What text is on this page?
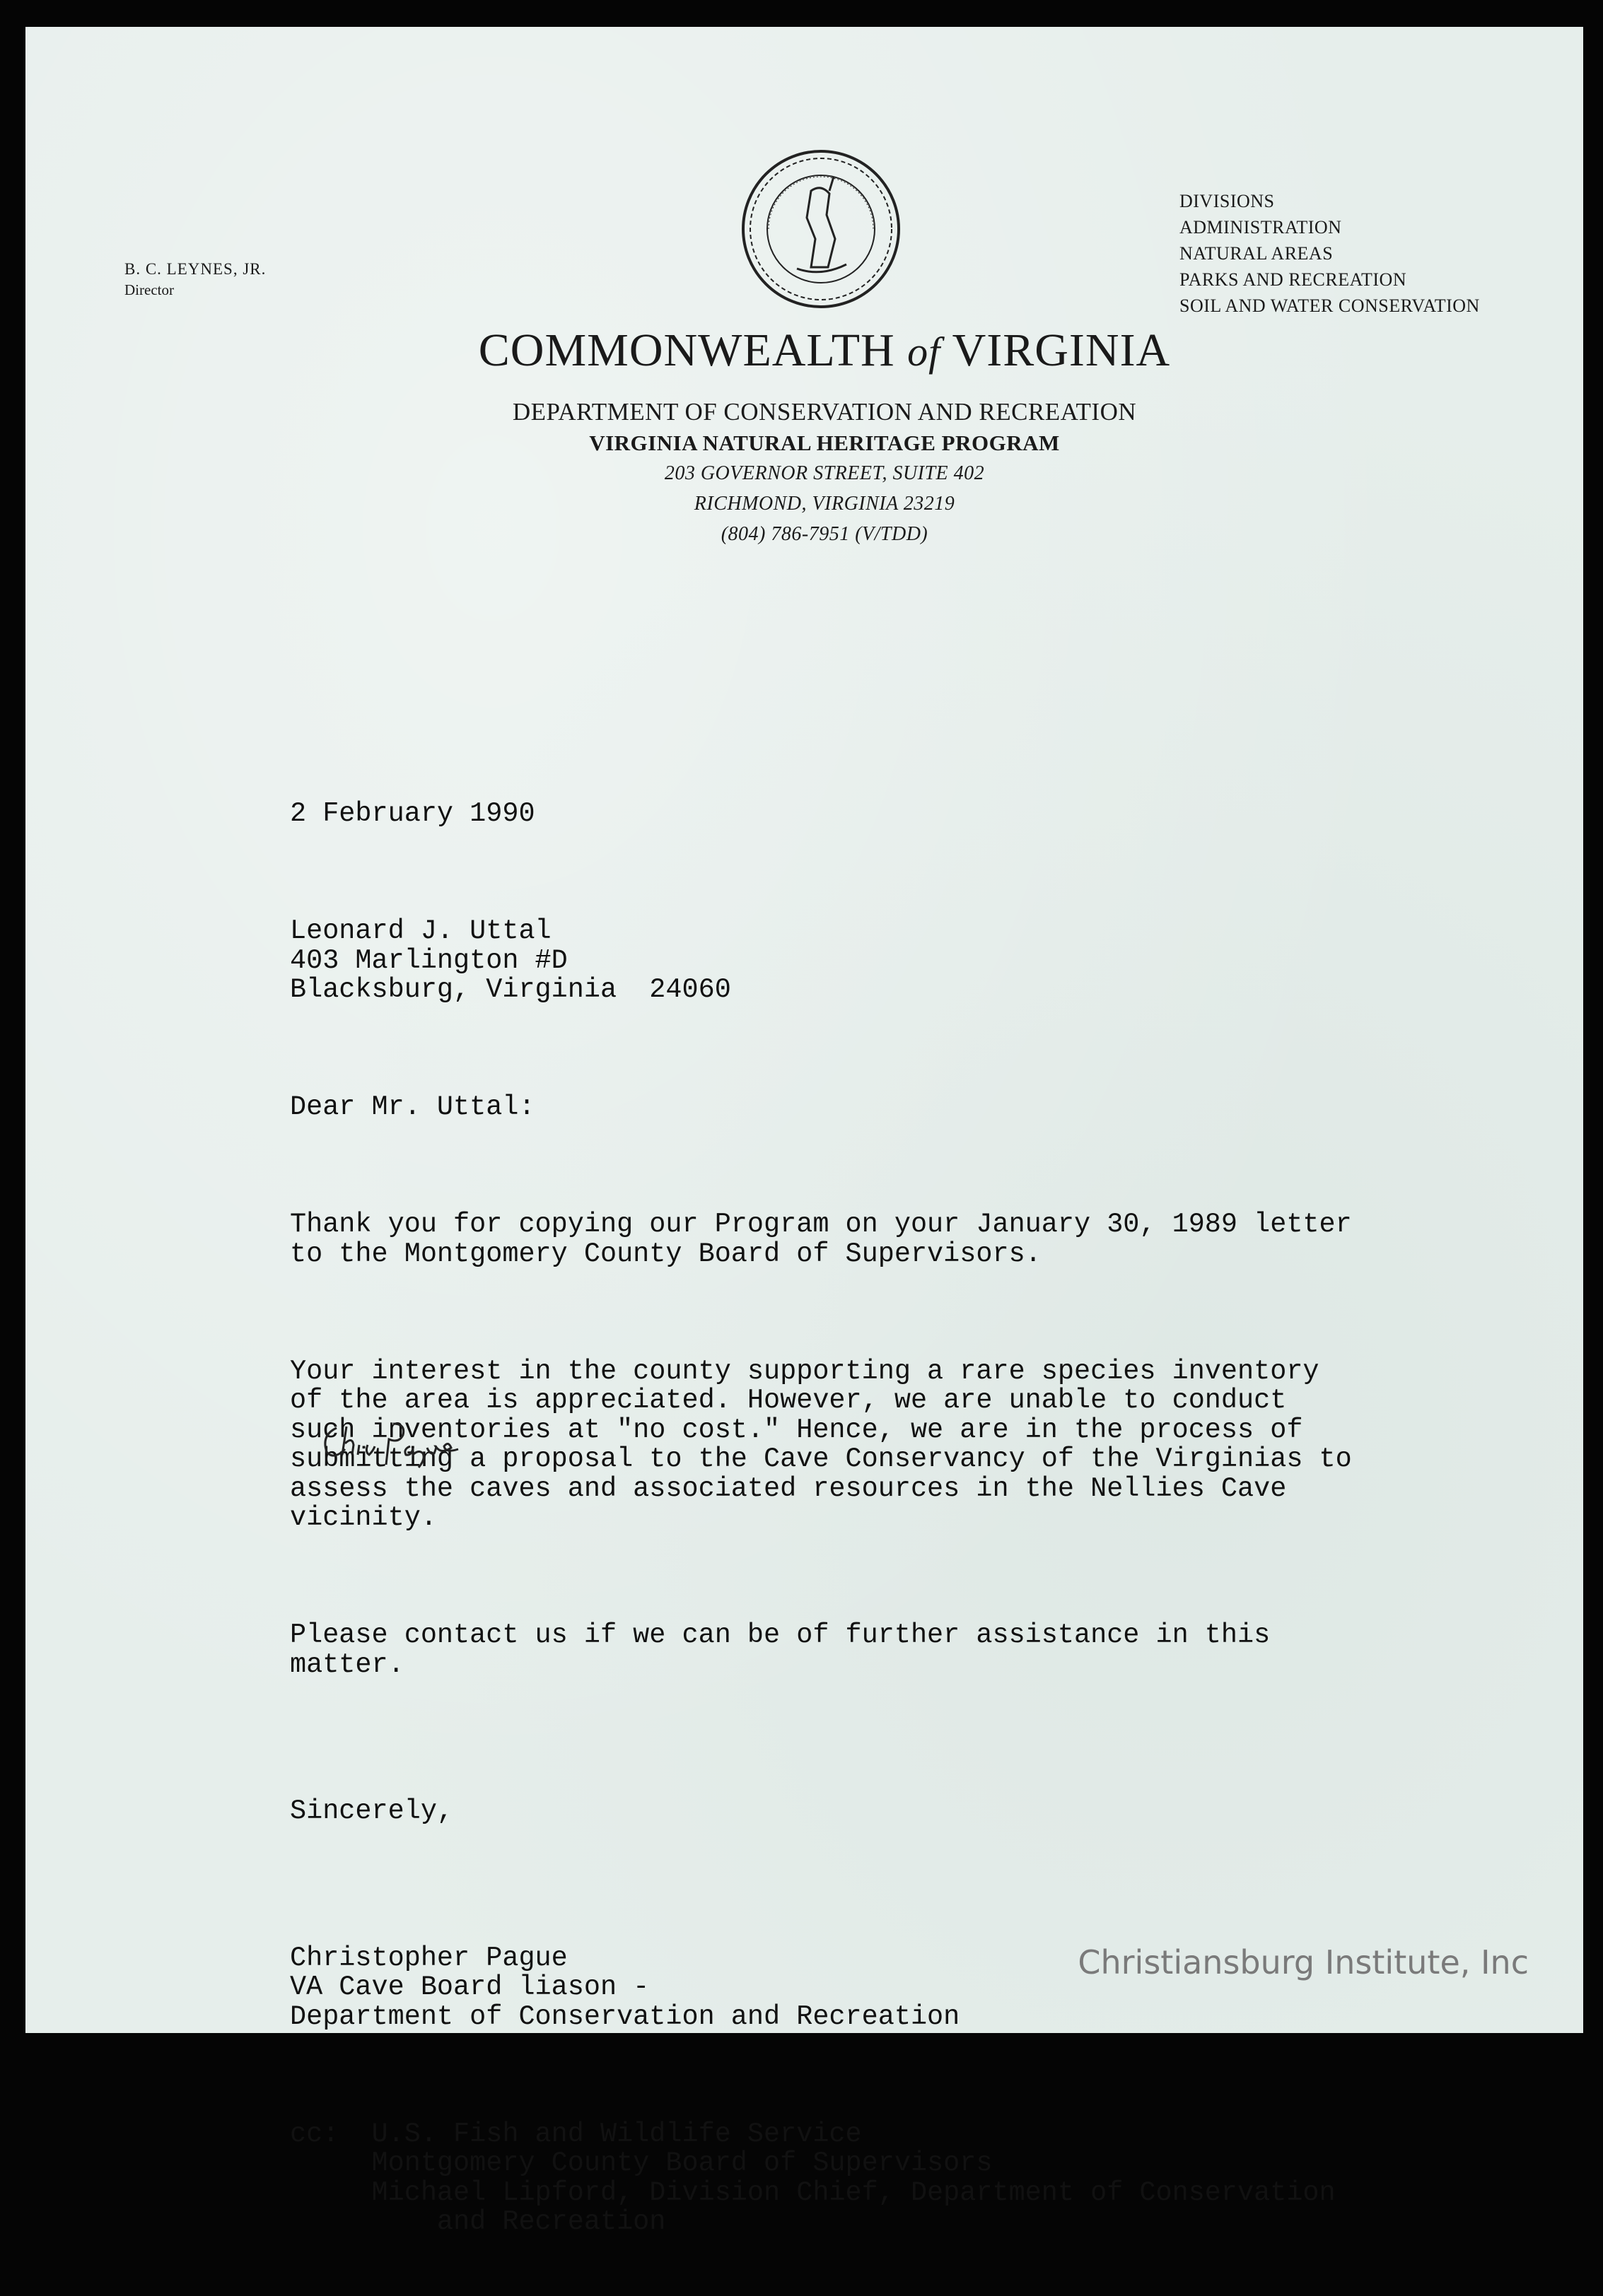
B. C. LEYNES, JR.
Director
DIVISIONS
ADMINISTRATION
NATURAL AREAS
PARKS AND RECREATION
SOIL AND WATER CONSERVATION
COMMONWEALTH of VIRGINIA
DEPARTMENT OF CONSERVATION AND RECREATION
VIRGINIA NATURAL HERITAGE PROGRAM
203 GOVERNOR STREET, SUITE 402
RICHMOND, VIRGINIA 23219
(804) 786-7951 (V/TDD)

2 February 1990

Leonard J. Uttal
403 Marlington #D
Blacksburg, Virginia  24060

Dear Mr. Uttal:

Thank you for copying our Program on your January 30, 1989 letter
to the Montgomery County Board of Supervisors.

Your interest in the county supporting a rare species inventory
of the area is appreciated. However, we are unable to conduct
such inventories at "no cost." Hence, we are in the process of
submitting a proposal to the Cave Conservancy of the Virginias to
assess the caves and associated resources in the Nellies Cave
vicinity.

Please contact us if we can be of further assistance in this
matter.

Sincerely,

Christopher Pague
VA Cave Board liason -
Department of Conservation and Recreation

cc:  U.S. Fish and Wildlife Service
Montgomery County Board of Supervisors
Michael Lipford, Division Chief, Department of Conservation
and Recreation

Christiansburg Institute, Inc
